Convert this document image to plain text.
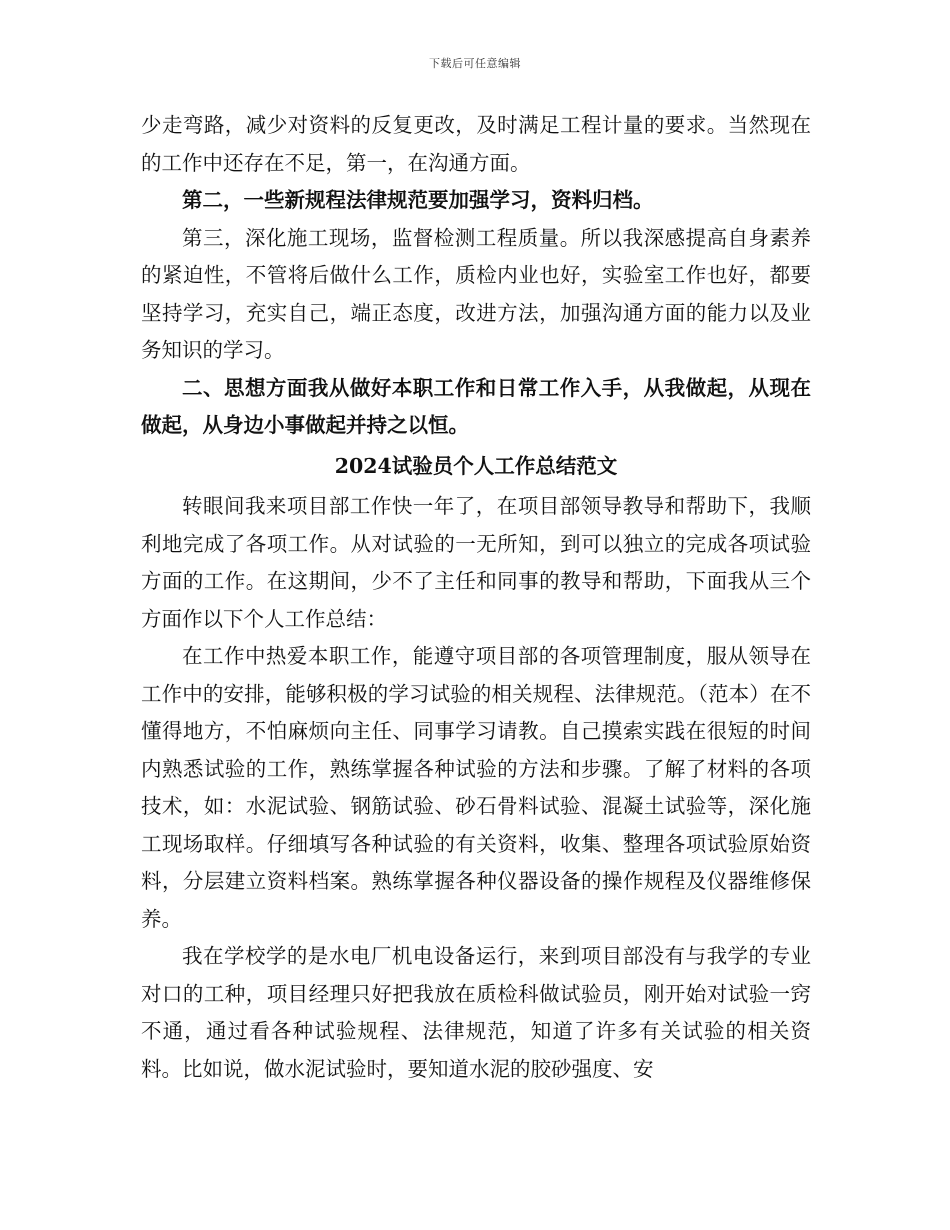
下载后可任意编辑

少走弯路，减少对资料的反复更改，及时满足工程计量的要求。当然现在的工作中还存在不足，第一，在沟通方面。

第二，一些新规程法律规范要加强学习，资料归档。

第三，深化施工现场，监督检测工程质量。所以我深感提高自身素养的紧迫性，不管将后做什么工作，质检内业也好，实验室工作也好，都要坚持学习，充实自己，端正态度，改进方法，加强沟通方面的能力以及业务知识的学习。

二、思想方面我从做好本职工作和日常工作入手，从我做起，从现在做起，从身边小事做起并持之以恒。

2024试验员个人工作总结范文

转眼间我来项目部工作快一年了，在项目部领导教导和帮助下，我顺利地完成了各项工作。从对试验的一无所知，到可以独立的完成各项试验方面的工作。在这期间，少不了主任和同事的教导和帮助，下面我从三个方面作以下个人工作总结：

在工作中热爱本职工作，能遵守项目部的各项管理制度，服从领导在工作中的安排，能够积极的学习试验的相关规程、法律规范。（范本）在不懂得地方，不怕麻烦向主任、同事学习请教。自己摸索实践在很短的时间内熟悉试验的工作，熟练掌握各种试验的方法和步骤。了解了材料的各项技术，如：水泥试验、钢筋试验、砂石骨料试验、混凝土试验等，深化施工现场取样。仔细填写各种试验的有关资料，收集、整理各项试验原始资料，分层建立资料档案。熟练掌握各种仪器设备的操作规程及仪器维修保养。

我在学校学的是水电厂机电设备运行，来到项目部没有与我学的专业对口的工种，项目经理只好把我放在质检科做试验员，刚开始对试验一窍不通，通过看各种试验规程、法律规范，知道了许多有关试验的相关资料。比如说，做水泥试验时，要知道水泥的胶砂强度、安
